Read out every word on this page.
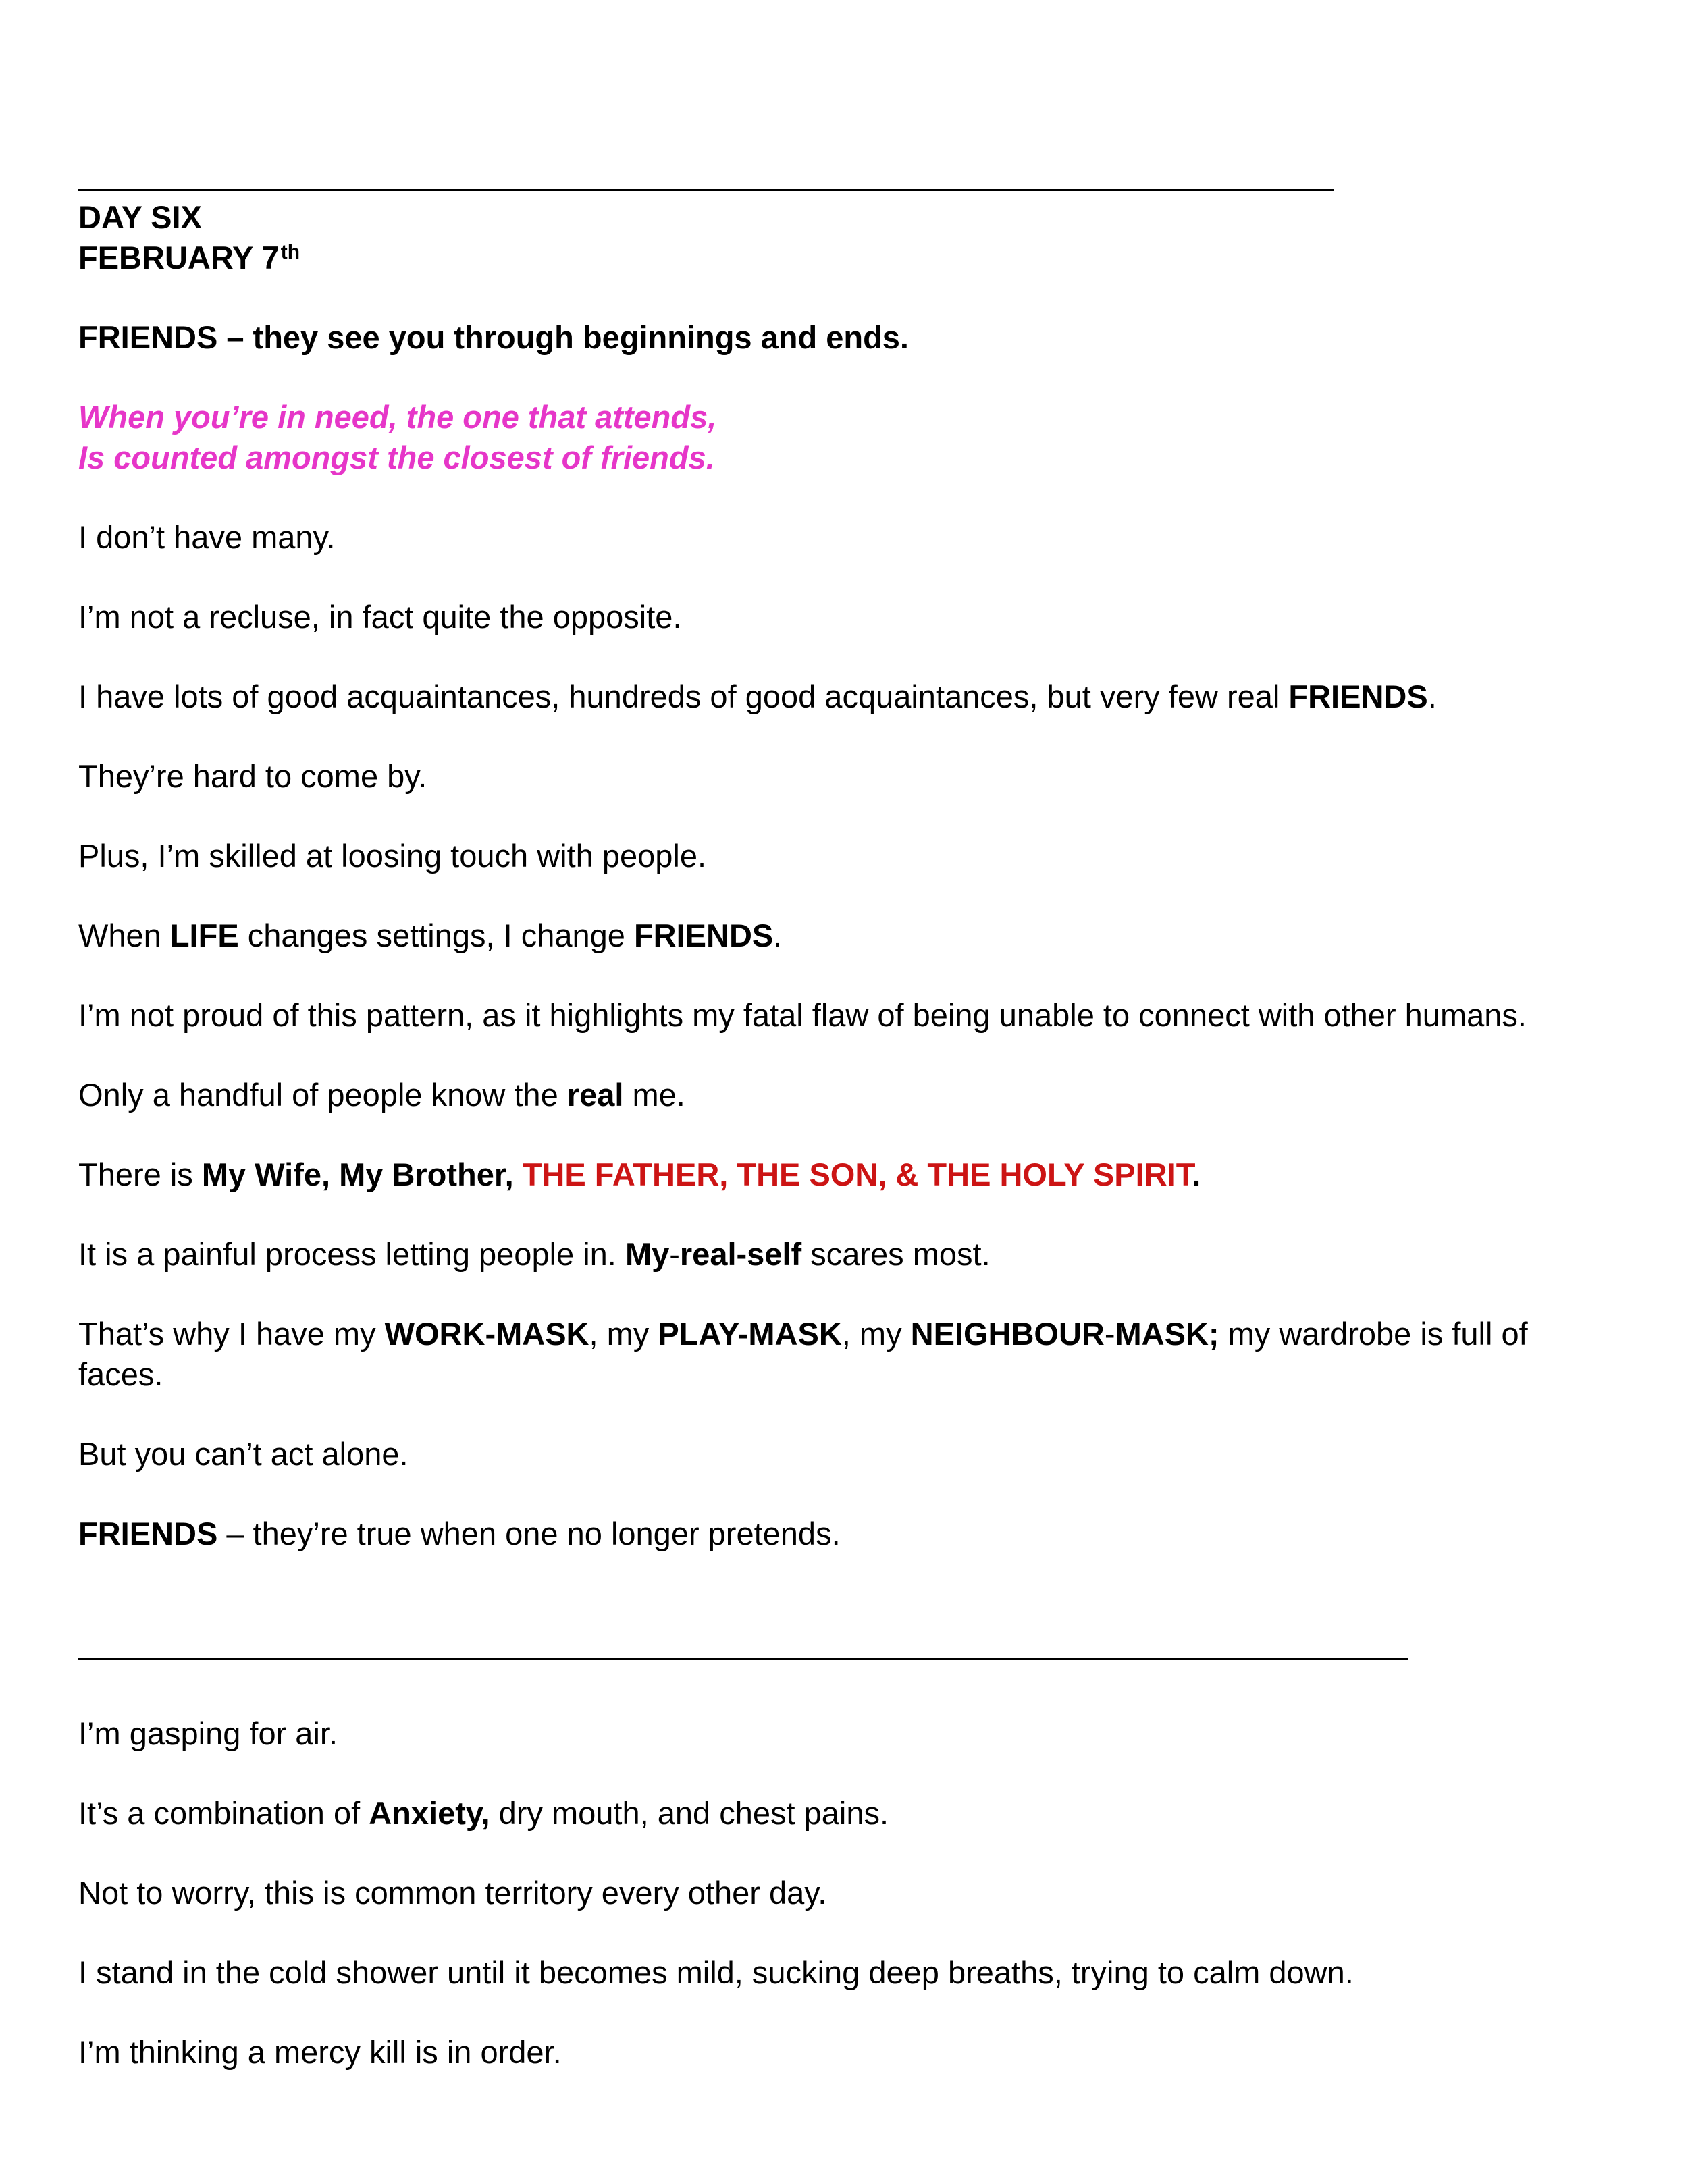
DAY SIX

FEBRUARY 7th

FRIENDS – they see you through beginnings and ends.

When you’re in need, the one that attends,

Is counted amongst the closest of friends.

I don’t have many.

I’m not a recluse, in fact quite the opposite.

I have lots of good acquaintances, hundreds of good acquaintances, but very few real FRIENDS.

They’re hard to come by.

Plus, I’m skilled at loosing touch with people.

When LIFE changes settings, I change FRIENDS.

I’m not proud of this pattern, as it highlights my fatal flaw of being unable to connect with other humans.

Only a handful of people know the real me.

There is My Wife, My Brother, THE FATHER, THE SON, & THE HOLY SPIRIT.

It is a painful process letting people in. My-real-self scares most.

That’s why I have my WORK-MASK, my PLAY-MASK, my NEIGHBOUR-MASK; my wardrobe is full of faces.

But you can’t act alone.

FRIENDS – they’re true when one no longer pretends.

I’m gasping for air.

It’s a combination of Anxiety, dry mouth, and chest pains.

Not to worry, this is common territory every other day.

I stand in the cold shower until it becomes mild, sucking deep breaths, trying to calm down.

I’m thinking a mercy kill is in order.
